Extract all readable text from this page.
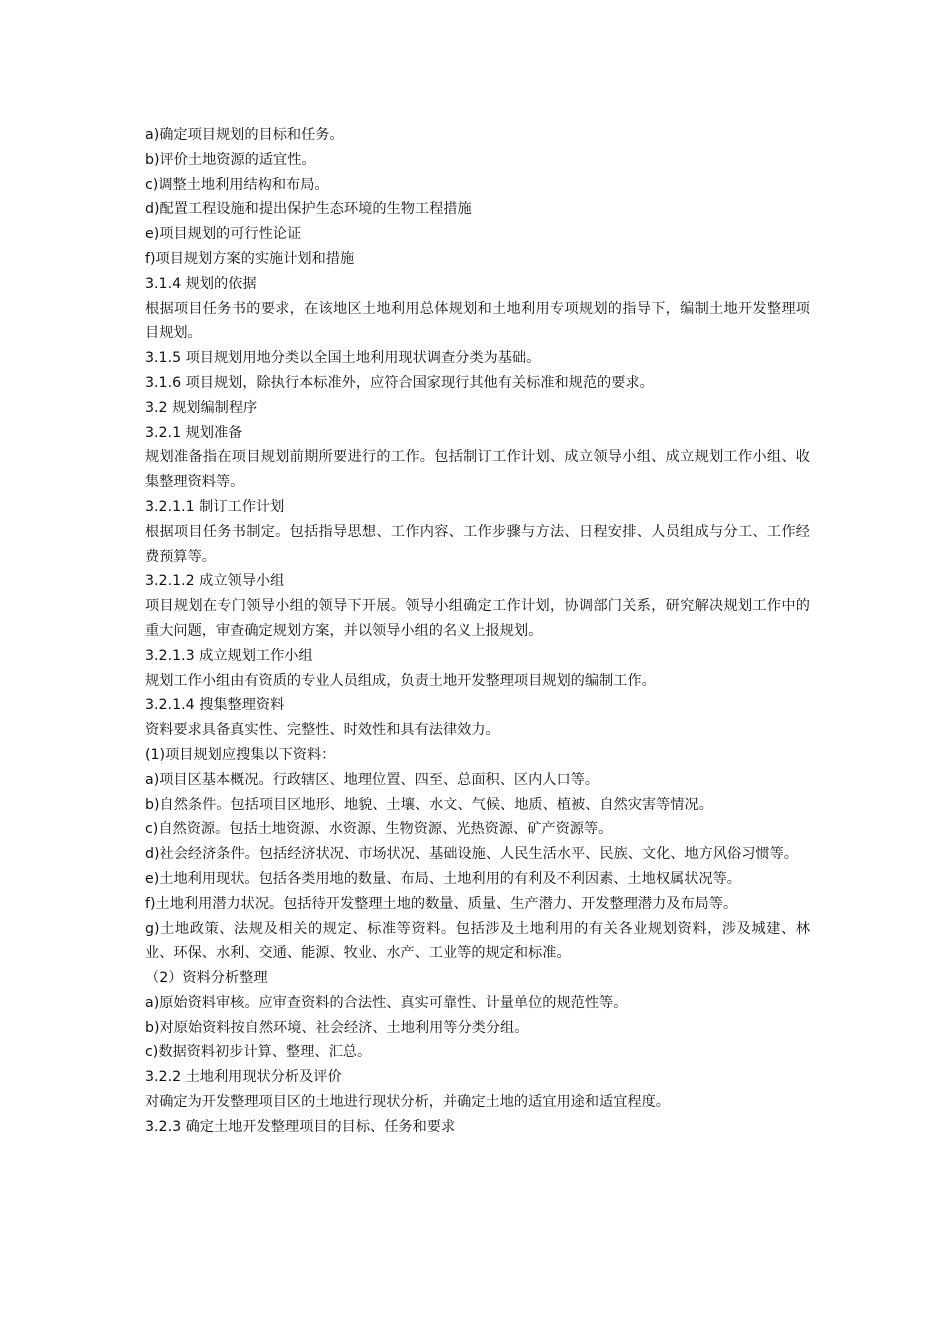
a)确定项目规划的目标和任务。
b)评价土地资源的适宜性。
c)调整土地利用结构和布局。
d)配置工程设施和提出保护生态环境的生物工程措施
e)项目规划的可行性论证
f)项目规划方案的实施计划和措施
3.1.4 规划的依据
根据项目任务书的要求，在该地区土地利用总体规划和土地利用专项规划的指导下，编制土地开发整理项目规划。
3.1.5 项目规划用地分类以全国土地利用现状调查分类为基础。
3.1.6 项目规划，除执行本标准外，应符合国家现行其他有关标准和规范的要求。
3.2 规划编制程序
3.2.1 规划准备
规划准备指在项目规划前期所要进行的工作。包括制订工作计划、成立领导小组、成立规划工作小组、收集整理资料等。
3.2.1.1 制订工作计划
根据项目任务书制定。包括指导思想、工作内容、工作步骤与方法、日程安排、人员组成与分工、工作经费预算等。
3.2.1.2 成立领导小组
项目规划在专门领导小组的领导下开展。领导小组确定工作计划，协调部门关系，研究解决规划工作中的重大问题，审查确定规划方案，并以领导小组的名义上报规划。
3.2.1.3 成立规划工作小组
规划工作小组由有资质的专业人员组成，负责土地开发整理项目规划的编制工作。
3.2.1.4 搜集整理资料
资料要求具备真实性、完整性、时效性和具有法律效力。
(1)项目规划应搜集以下资料：
a)项目区基本概况。行政辖区、地理位置、四至、总面积、区内人口等。
b)自然条件。包括项目区地形、地貌、土壤、水文、气候、地质、植被、自然灾害等情况。
c)自然资源。包括土地资源、水资源、生物资源、光热资源、矿产资源等。
d)社会经济条件。包括经济状况、市场状况、基础设施、人民生活水平、民族、文化、地方风俗习惯等。
e)土地利用现状。包括各类用地的数量、布局、土地利用的有利及不利因素、土地权属状况等。
f)土地利用潜力状况。包括待开发整理土地的数量、质量、生产潜力、开发整理潜力及布局等。
g)土地政策、法规及相关的规定、标准等资料。包括涉及土地利用的有关各业规划资料，涉及城建、林业、环保、水利、交通、能源、牧业、水产、工业等的规定和标准。
（2）资料分析整理
a)原始资料审核。应审查资料的合法性、真实可靠性、计量单位的规范性等。
b)对原始资料按自然环境、社会经济、土地利用等分类分组。
c)数据资料初步计算、整理、汇总。
3.2.2 土地利用现状分析及评价
对确定为开发整理项目区的土地进行现状分析，并确定土地的适宜用途和适宜程度。
3.2.3 确定土地开发整理项目的目标、任务和要求
